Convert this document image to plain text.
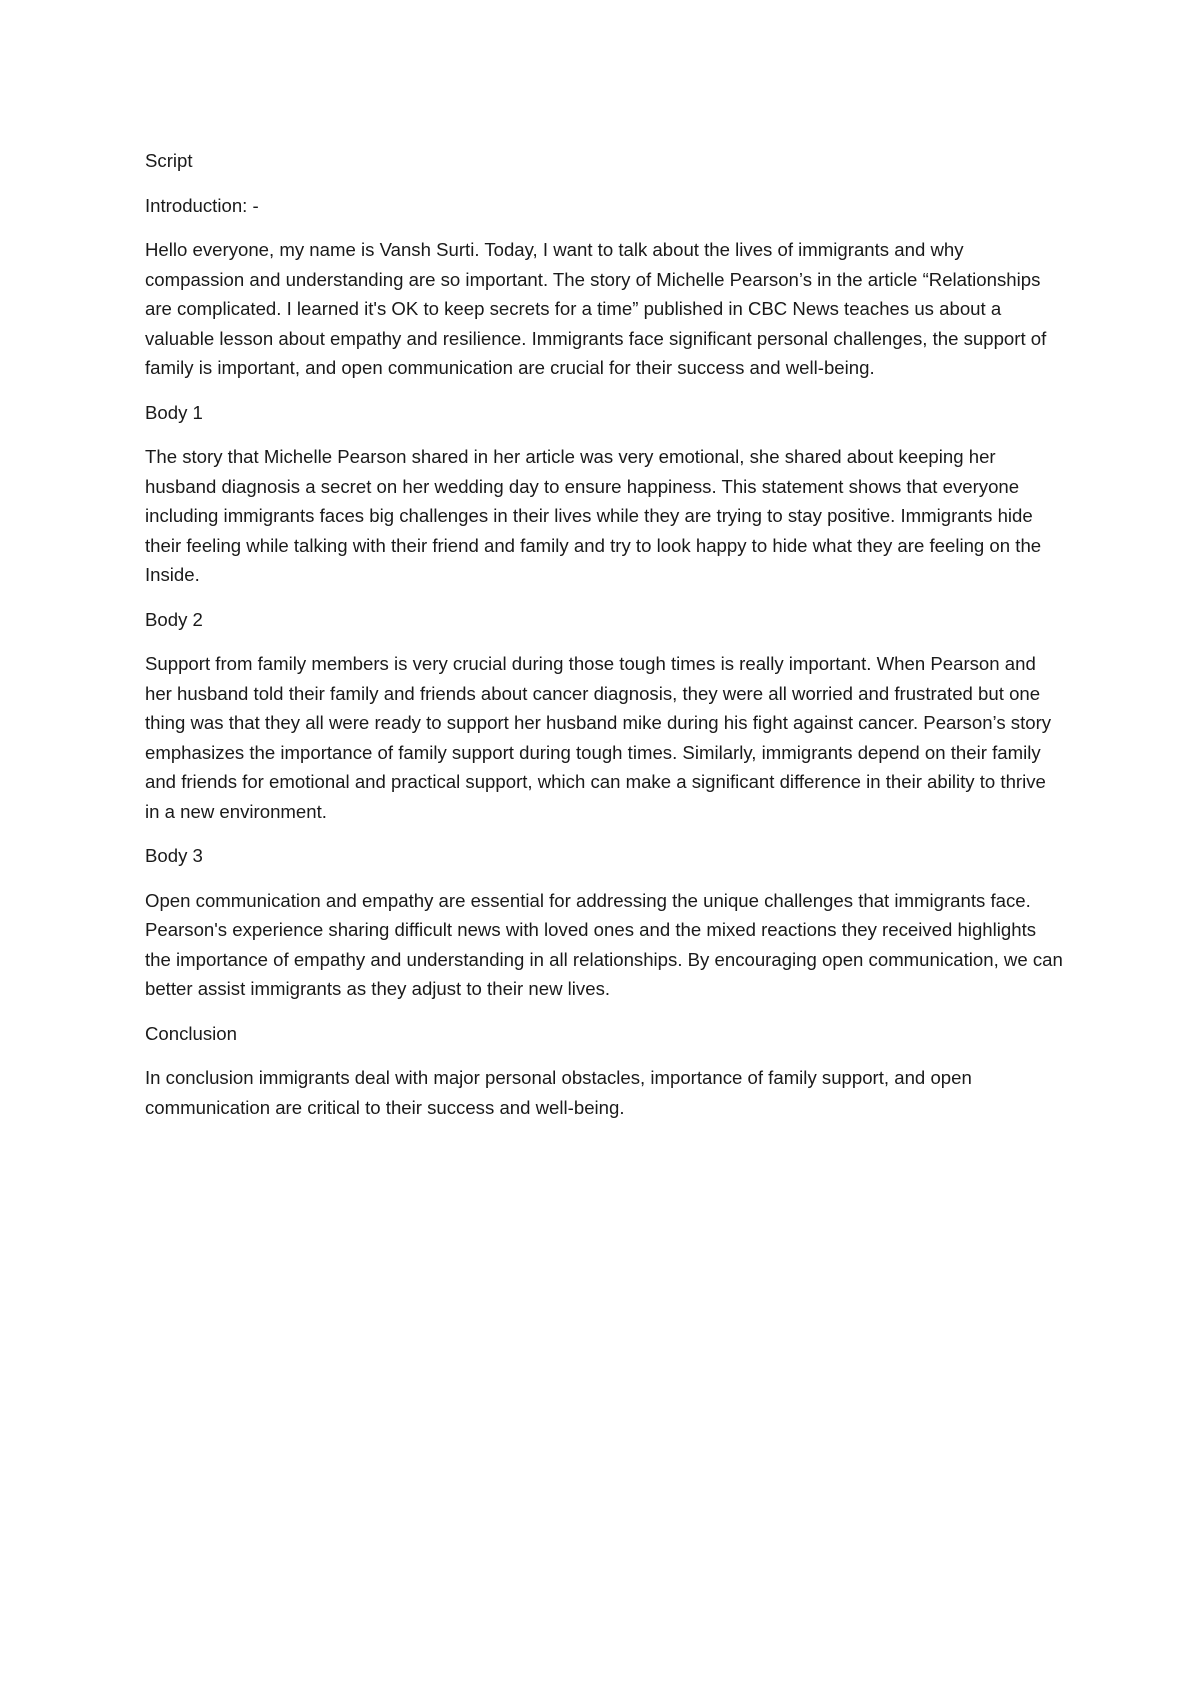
Script

Introduction: -

Hello everyone, my name is Vansh Surti. Today, I want to talk about the lives of immigrants and why compassion and understanding are so important. The story of Michelle Pearson’s in the article “Relationships are complicated. I learned it's OK to keep secrets for a time” published in CBC News teaches us about a valuable lesson about empathy and resilience. Immigrants face significant personal challenges, the support of family is important, and open communication are crucial for their success and well-being.

Body 1

The story that Michelle Pearson shared in her article was very emotional, she shared about keeping her husband diagnosis a secret on her wedding day to ensure happiness. This statement shows that everyone including immigrants faces big challenges in their lives while they are trying to stay positive. Immigrants hide their feeling while talking with their friend and family and try to look happy to hide what they are feeling on the Inside.

Body 2

Support from family members is very crucial during those tough times is really important. When Pearson and her husband told their family and friends about cancer diagnosis, they were all worried and frustrated but one thing was that they all were ready to support her husband mike during his fight against cancer. Pearson’s story emphasizes the importance of family support during tough times. Similarly, immigrants depend on their family and friends for emotional and practical support, which can make a significant difference in their ability to thrive in a new environment.

Body 3

Open communication and empathy are essential for addressing the unique challenges that immigrants face. Pearson's experience sharing difficult news with loved ones and the mixed reactions they received highlights the importance of empathy and understanding in all relationships. By encouraging open communication, we can better assist immigrants as they adjust to their new lives.

Conclusion

In conclusion immigrants deal with major personal obstacles, importance of family support, and open communication are critical to their success and well-being.
